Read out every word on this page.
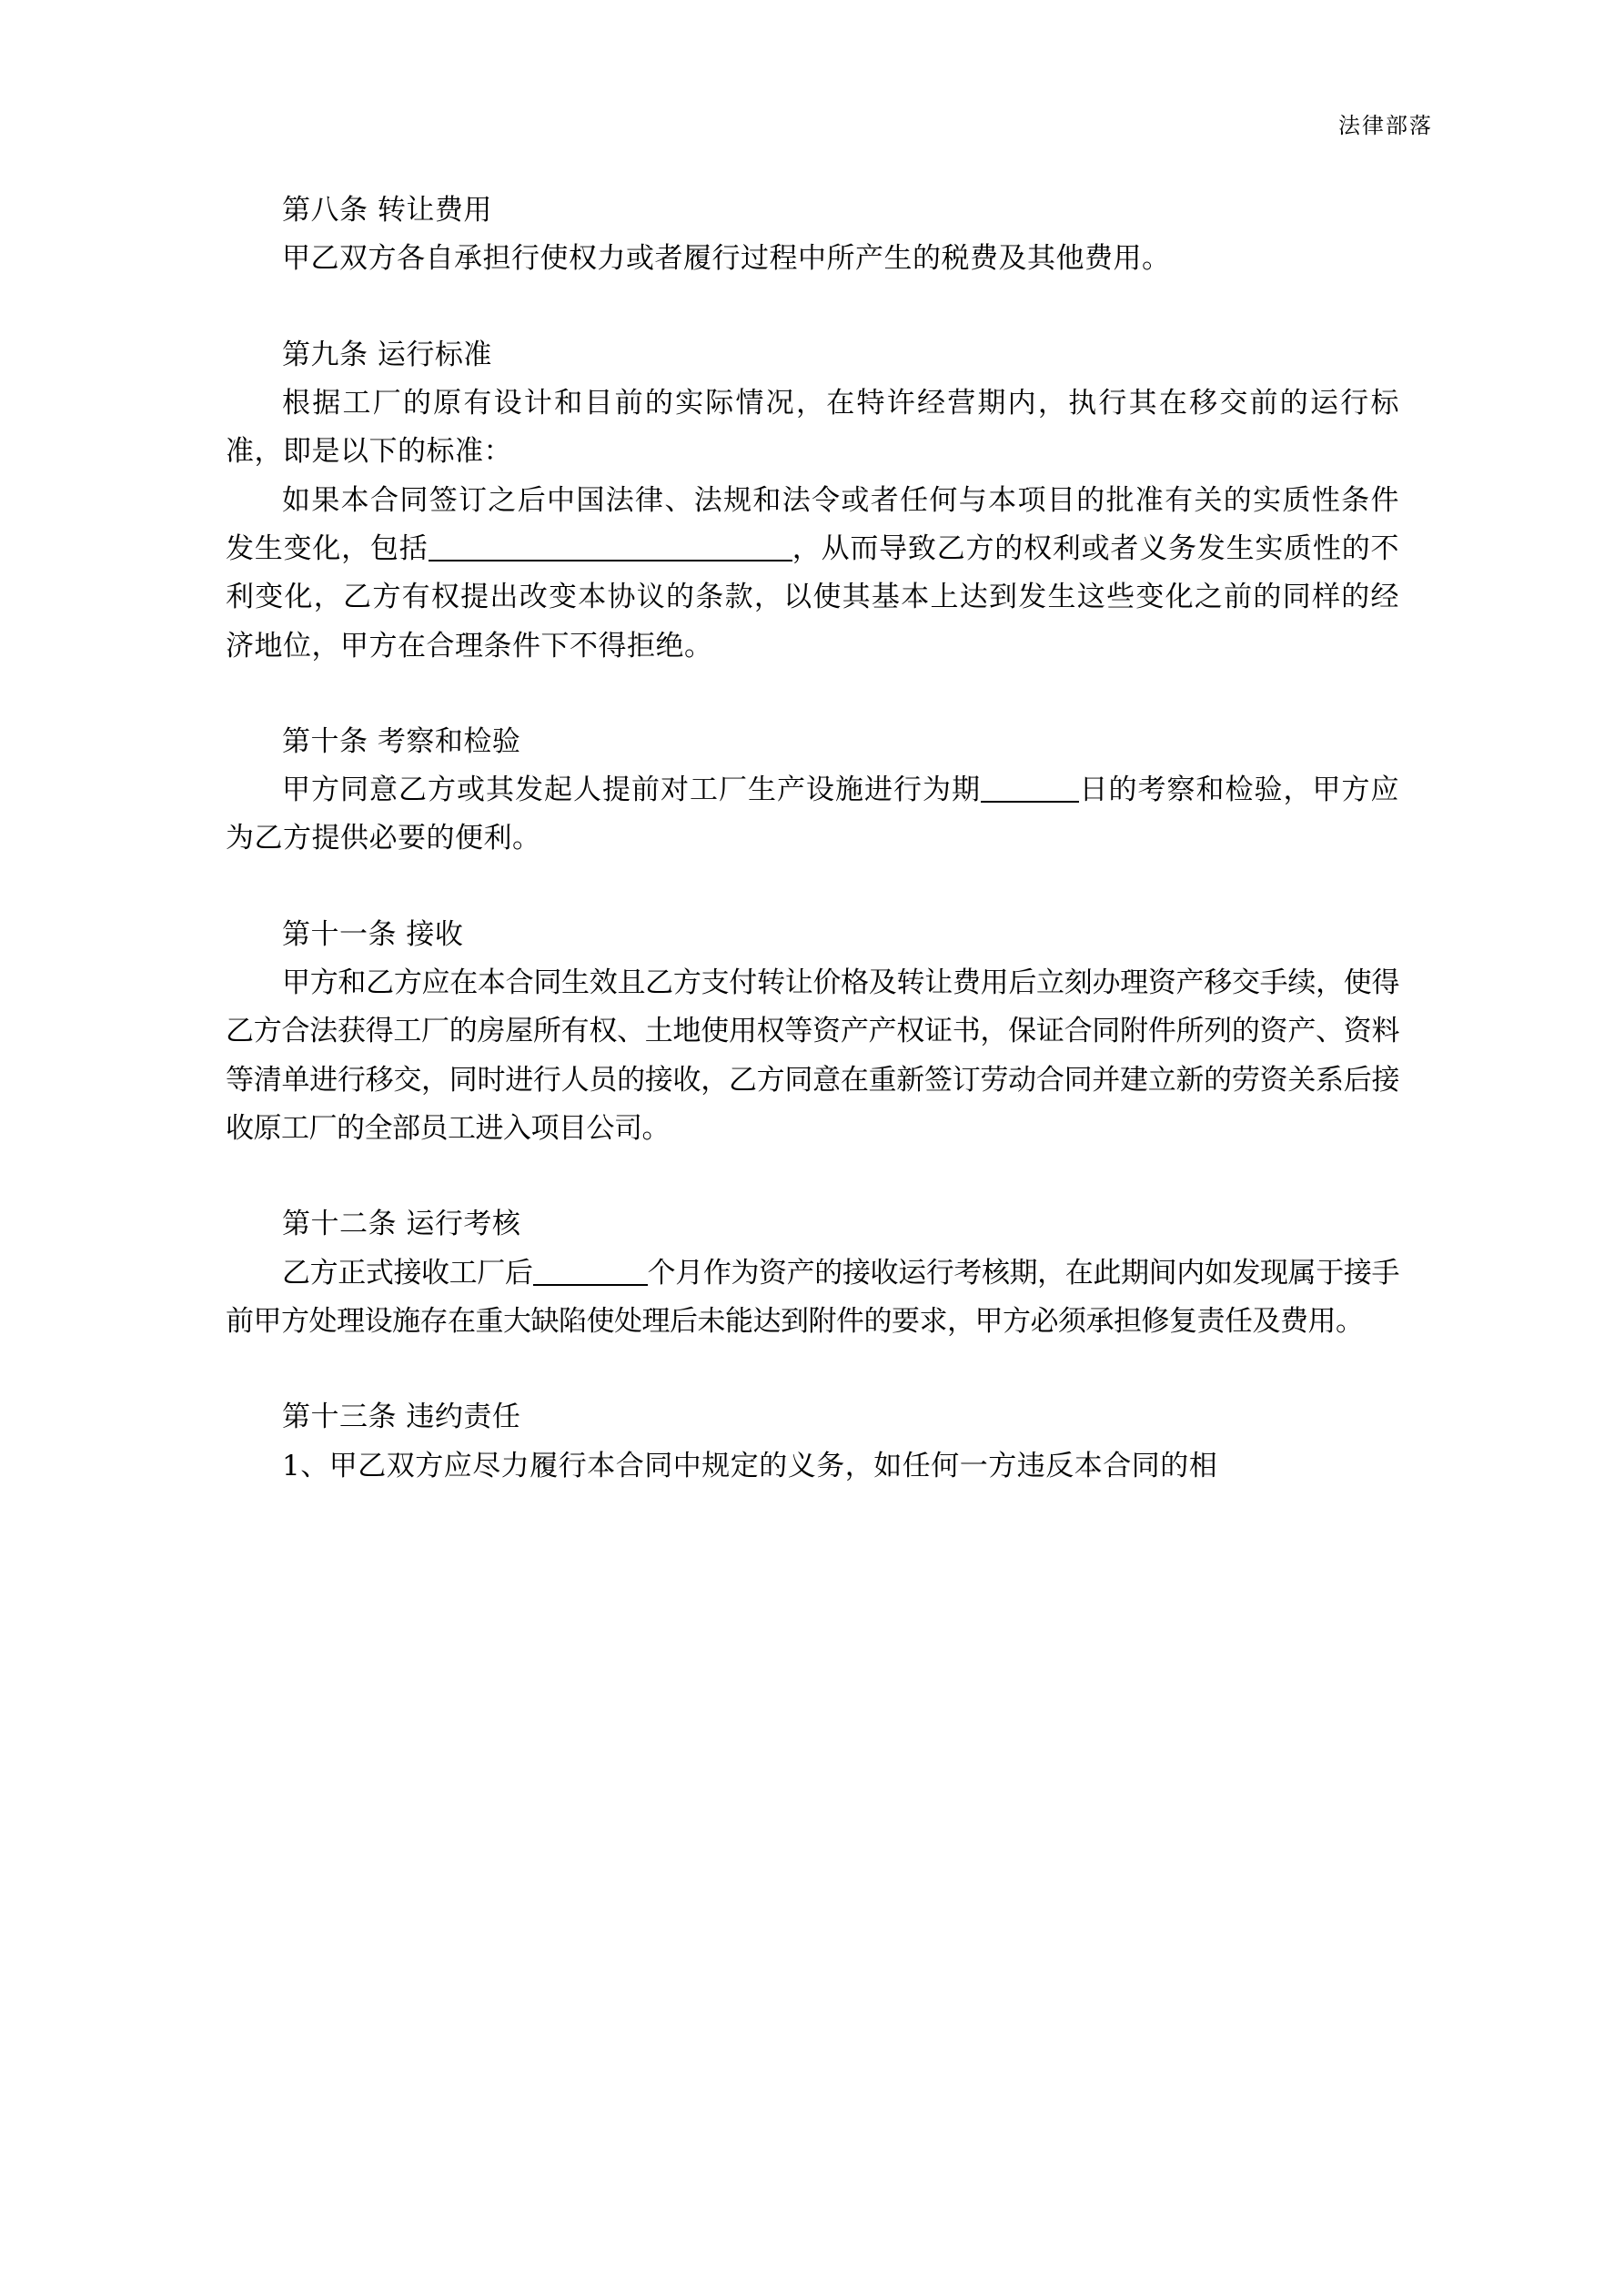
法律部落

第八条 转让费用

甲乙双方各自承担行使权力或者履行过程中所产生的税费及其他费用。

第九条 运行标准

根据工厂的原有设计和目前的实际情况，在特许经营期内，执行其在移交前的运行标准，即是以下的标准：

如果本合同签订之后中国法律、法规和法令或者任何与本项目的批准有关的实质性条件发生变化，包括	，从而导致乙方的权利或者义务发生实质性的不利变化，乙方有权提出改变本协议的条款，以使其基本上达到发生这些变化之前的同样的经济地位，甲方在合理条件下不得拒绝。

第十条 考察和检验

甲方同意乙方或其发起人提前对工厂生产设施进行为期	日的考察和检验，甲方应为乙方提供必要的便利。

第十一条 接收

甲方和乙方应在本合同生效且乙方支付转让价格及转让费用后立刻办理资产移交手续，使得乙方合法获得工厂的房屋所有权、土地使用权等资产产权证书，保证合同附件所列的资产、资料等清单进行移交，同时进行人员的接收，乙方同意在重新签订劳动合同并建立新的劳资关系后接收原工厂的全部员工进入项目公司。

第十二条 运行考核

乙方正式接收工厂后	个月作为资产的接收运行考核期，在此期间内如发现属于接手前甲方处理设施存在重大缺陷使处理后未能达到附件的要求，甲方必须承担修复责任及费用。

第十三条 违约责任

1、甲乙双方应尽力履行本合同中规定的义务，如任何一方违反本合同的相
